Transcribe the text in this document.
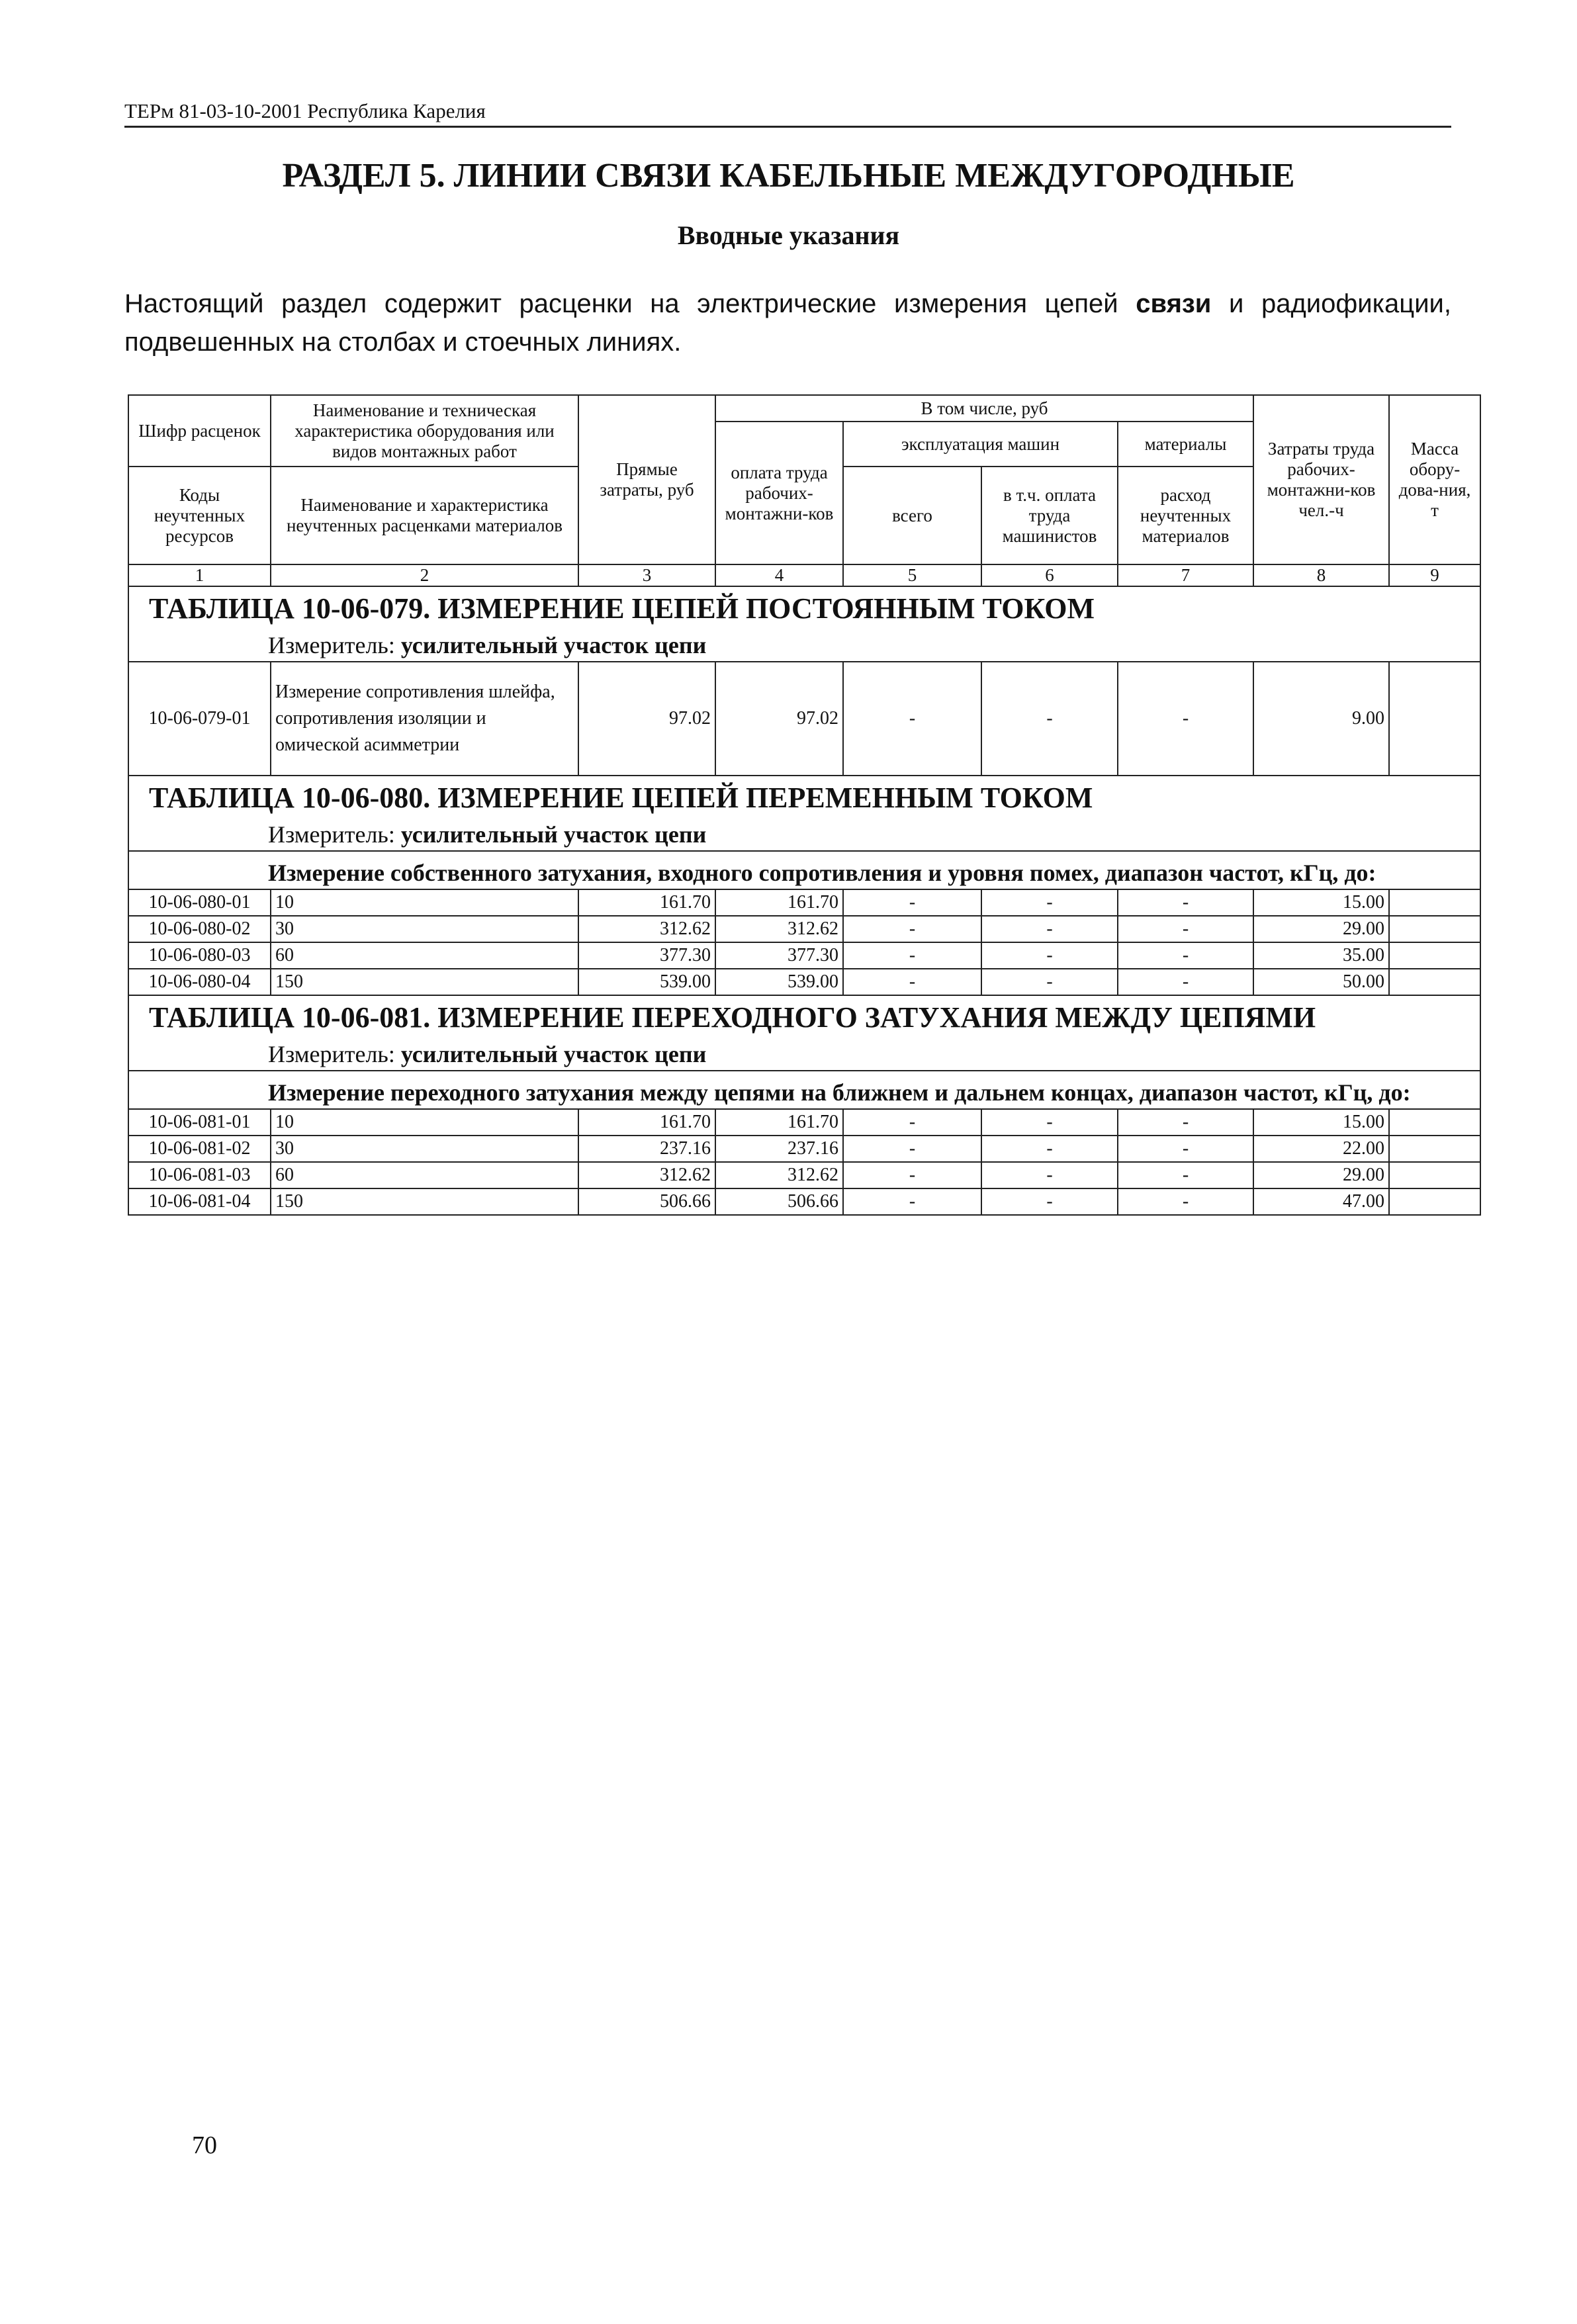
ТЕРм 81-03-10-2001 Республика Карелия
РАЗДЕЛ 5. ЛИНИИ СВЯЗИ КАБЕЛЬНЫЕ МЕЖДУГОРОДНЫЕ
Вводные указания
Настоящий раздел содержит расценки на электрические измерения цепей связи и радиофикации, подвешенных на столбах и стоечных линиях.
Шифр расценок	Наименование и техническая характеристика оборудования или видов монтажных работ	Прямые затраты, руб	В том числе, руб				Затраты труда рабочих-монтажни-ков чел.-ч	Масса обору-дова-ния, т
			оплата труда рабочих-монтажни-ков	эксплуатация машин		материалы		
Коды неучтенных ресурсов	Наименование и характеристика неучтенных расценками материалов			всего	в т.ч. оплата труда машинистов	расход неучтенных материалов		

1	2	3	4	5	6	7	8	9
ТАБЛИЦА 10-06-079. ИЗМЕРЕНИЕ ЦЕПЕЙ ПОСТОЯННЫМ ТОКОМ								
Измеритель: усилительный участок цепи								
10-06-079-01	Измерение сопротивления шлейфа, сопротивления изоляции и омической асимметрии	97.02	97.02	-	-	-	9.00	
ТАБЛИЦА 10-06-080. ИЗМЕРЕНИЕ ЦЕПЕЙ ПЕРЕМЕННЫМ ТОКОМ								
Измеритель: усилительный участок цепи								
Измерение собственного затухания, входного сопротивления и уровня помех, диапазон частот, кГц, до:								
10-06-080-01	10	161.70	161.70	-	-	-	15.00	
10-06-080-02	30	312.62	312.62	-	-	-	29.00	
10-06-080-03	60	377.30	377.30	-	-	-	35.00	
10-06-080-04	150	539.00	539.00	-	-	-	50.00	
ТАБЛИЦА 10-06-081. ИЗМЕРЕНИЕ ПЕРЕХОДНОГО ЗАТУХАНИЯ МЕЖДУ ЦЕПЯМИ								
Измеритель: усилительный участок цепи								
Измерение переходного затухания между цепями на ближнем и дальнем концах, диапазон частот, кГц, до:								
10-06-081-01	10	161.70	161.70	-	-	-	15.00	
10-06-081-02	30	237.16	237.16	-	-	-	22.00	
10-06-081-03	60	312.62	312.62	-	-	-	29.00	
10-06-081-04	150	506.66	506.66	-	-	-	47.00	
70
